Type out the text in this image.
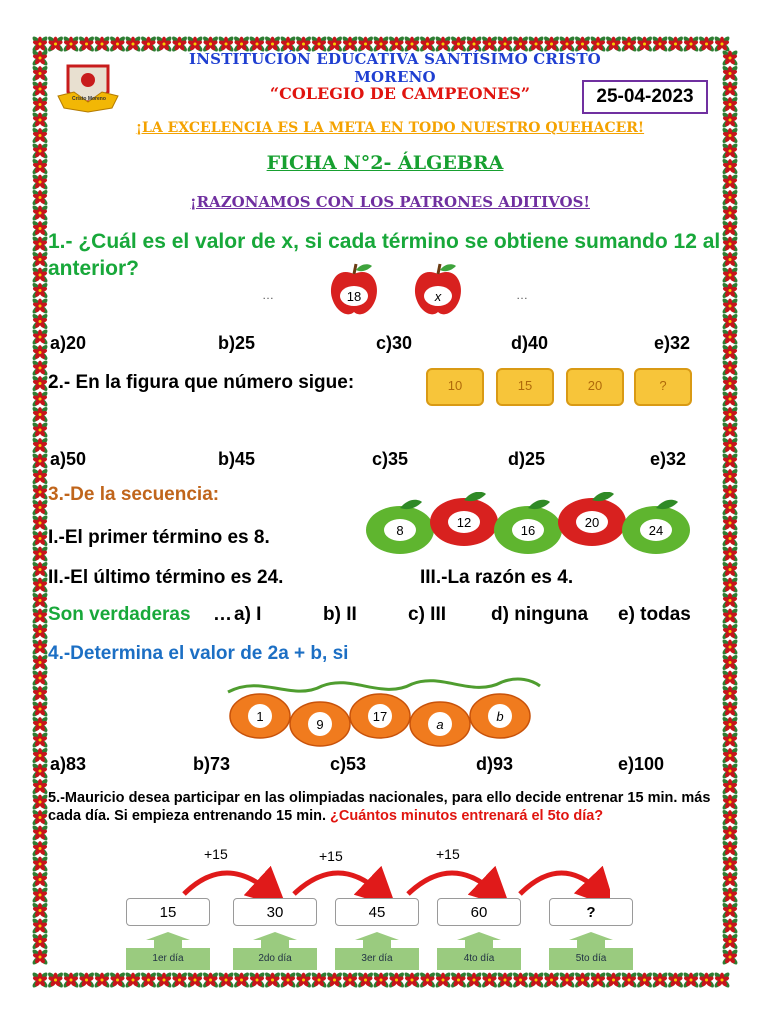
Cristo Moreno
INSTITUCIÓN EDUCATIVA SANTÍSIMO CRISTO MORENO
“COLEGIO DE CAMPEONES”	25-04-2023
¡LA EXCELENCIA ES LA META EN TODO NUESTRO QUEHACER!
FICHA N°2- ÁLGEBRA
¡RAZONAMOS CON LOS PATRONES ADITIVOS!
1.- ¿Cuál es el valor de x, si cada término se obtiene sumando 12 al anterior?
…	18	x	…
a)20	b)25	c)30	d)40	e)32
2.- En la figura que número sigue:	10	15	20	?
a)50	b)45	c)35	d)25	e)32
3.-De la secuencia:
I.-El primer término es 8.	8
12
16
20
24
II.-El último término es 24.	III.-La razón es 4.
Son verdaderas … a) I	b) II	c) III d) ninguna e) todas
4.-Determina el valor de 2a + b, si
1
9
17
a
b
a)83	b)73	c)53	d)93	e)100
5.-Mauricio desea participar en las olimpiadas nacionales, para ello decide entrenar 15 min. más cada día. Si empieza entrenando 15 min. ¿Cuántos minutos entrenará el 5to día?
+15	+15	+15
15	30	45	60	?
1er día	2do día	3er día	4to día	5to día
